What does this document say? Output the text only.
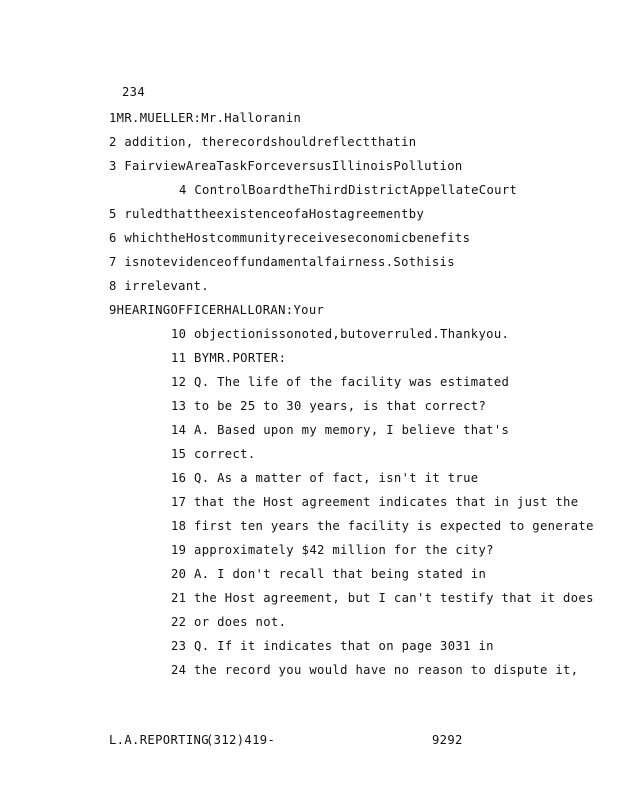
234
1MR.MUELLER:Mr.Halloranin
2 addition, therecordshouldreflectthatin
3 FairviewAreaTaskForceversusIllinoisPollution
4 ControlBoardtheThirdDistrictAppellateCourt
5 ruledthattheexistenceofaHostagreementby
6 whichtheHostcommunityreceiveseconomicbenefits
7 isnotevidenceoffundamentalfairness.Sothisis
8 irrelevant.
9HEARINGOFFICERHALLORAN:Your
10 objectionissonoted,butoverruled.Thankyou.
11 BYMR.PORTER:
12 Q. The life of the facility was estimated
13 to be 25 to 30 years, is that correct?
14 A. Based upon my memory, I believe that's
15 correct.
16 Q. As a matter of fact, isn't it true
17 that the Host agreement indicates that in just the
18 first ten years the facility is expected to generate
19 approximately $42 million for the city?
20 A. I don't recall that being stated in
21 the Host agreement, but I can't testify that it does
22 or does not.
23 Q. If it indicates that on page 3031 in
24 the record you would have no reason to dispute it,
L.A.REPORTING
(312)419-	9292
